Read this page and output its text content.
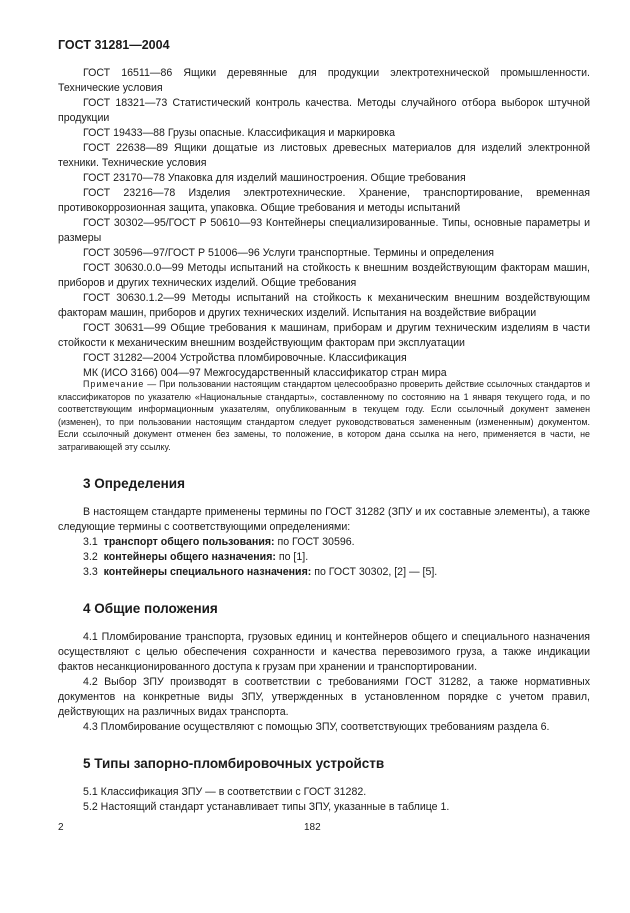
ГОСТ 31281—2004

ГОСТ 16511—86 Ящики деревянные для продукции электротехнической промышленности. Технические условия

ГОСТ 18321—73 Статистический контроль качества. Методы случайного отбора выборок штучной продукции

ГОСТ 19433—88 Грузы опасные. Классификация и маркировка

ГОСТ 22638—89 Ящики дощатые из листовых древесных материалов для изделий электронной техники. Технические условия

ГОСТ 23170—78 Упаковка для изделий машиностроения. Общие требования

ГОСТ 23216—78 Изделия электротехнические. Хранение, транспортирование, временная противокоррозионная защита, упаковка. Общие требования и методы испытаний

ГОСТ 30302—95/ГОСТ Р 50610—93 Контейнеры специализированные. Типы, основные параметры и размеры

ГОСТ 30596—97/ГОСТ Р 51006—96 Услуги транспортные. Термины и определения

ГОСТ 30630.0.0—99 Методы испытаний на стойкость к внешним воздействующим факторам машин, приборов и других технических изделий. Общие требования

ГОСТ 30630.1.2—99 Методы испытаний на стойкость к механическим внешним воздействующим факторам машин, приборов и других технических изделий. Испытания на воздействие вибрации

ГОСТ 30631—99 Общие требования к машинам, приборам и другим техническим изделиям в части стойкости к механическим внешним воздействующим факторам при эксплуатации

ГОСТ 31282—2004 Устройства пломбировочные. Классификация

МК (ИСО 3166) 004—97 Межгосударственный классификатор стран мира

Примечание — При пользовании настоящим стандартом целесообразно проверить действие ссылочных стандартов и классификаторов по указателю «Национальные стандарты», составленному по состоянию на 1 января текущего года, и по соответствующим информационным указателям, опубликованным в текущем году. Если ссылочный документ заменен (изменен), то при пользовании настоящим стандартом следует руководствоваться замененным (измененным) документом. Если ссылочный документ отменен без замены, то положение, в котором дана ссылка на него, применяется в части, не затрагивающей эту ссылку.

3 Определения

В настоящем стандарте применены термины по ГОСТ 31282 (ЗПУ и их составные элементы), а также следующие термины с соответствующими определениями:

3.1 транспорт общего пользования: по ГОСТ 30596.

3.2 контейнеры общего назначения: по [1].

3.3 контейнеры специального назначения: по ГОСТ 30302, [2] — [5].

4 Общие положения

4.1 Пломбирование транспорта, грузовых единиц и контейнеров общего и специального назначения осуществляют с целью обеспечения сохранности и качества перевозимого груза, а также индикации фактов несанкционированного доступа к грузам при хранении и транспортировании.

4.2 Выбор ЗПУ производят в соответствии с требованиями ГОСТ 31282, а также нормативных документов на конкретные виды ЗПУ, утвержденных в установленном порядке с учетом правил, действующих на различных видах транспорта.

4.3 Пломбирование осуществляют с помощью ЗПУ, соответствующих требованиям раздела 6.

5 Типы запорно-пломбировочных устройств

5.1 Классификация ЗПУ — в соответствии с ГОСТ 31282.

5.2 Настоящий стандарт устанавливает типы ЗПУ, указанные в таблице 1.

2	182
